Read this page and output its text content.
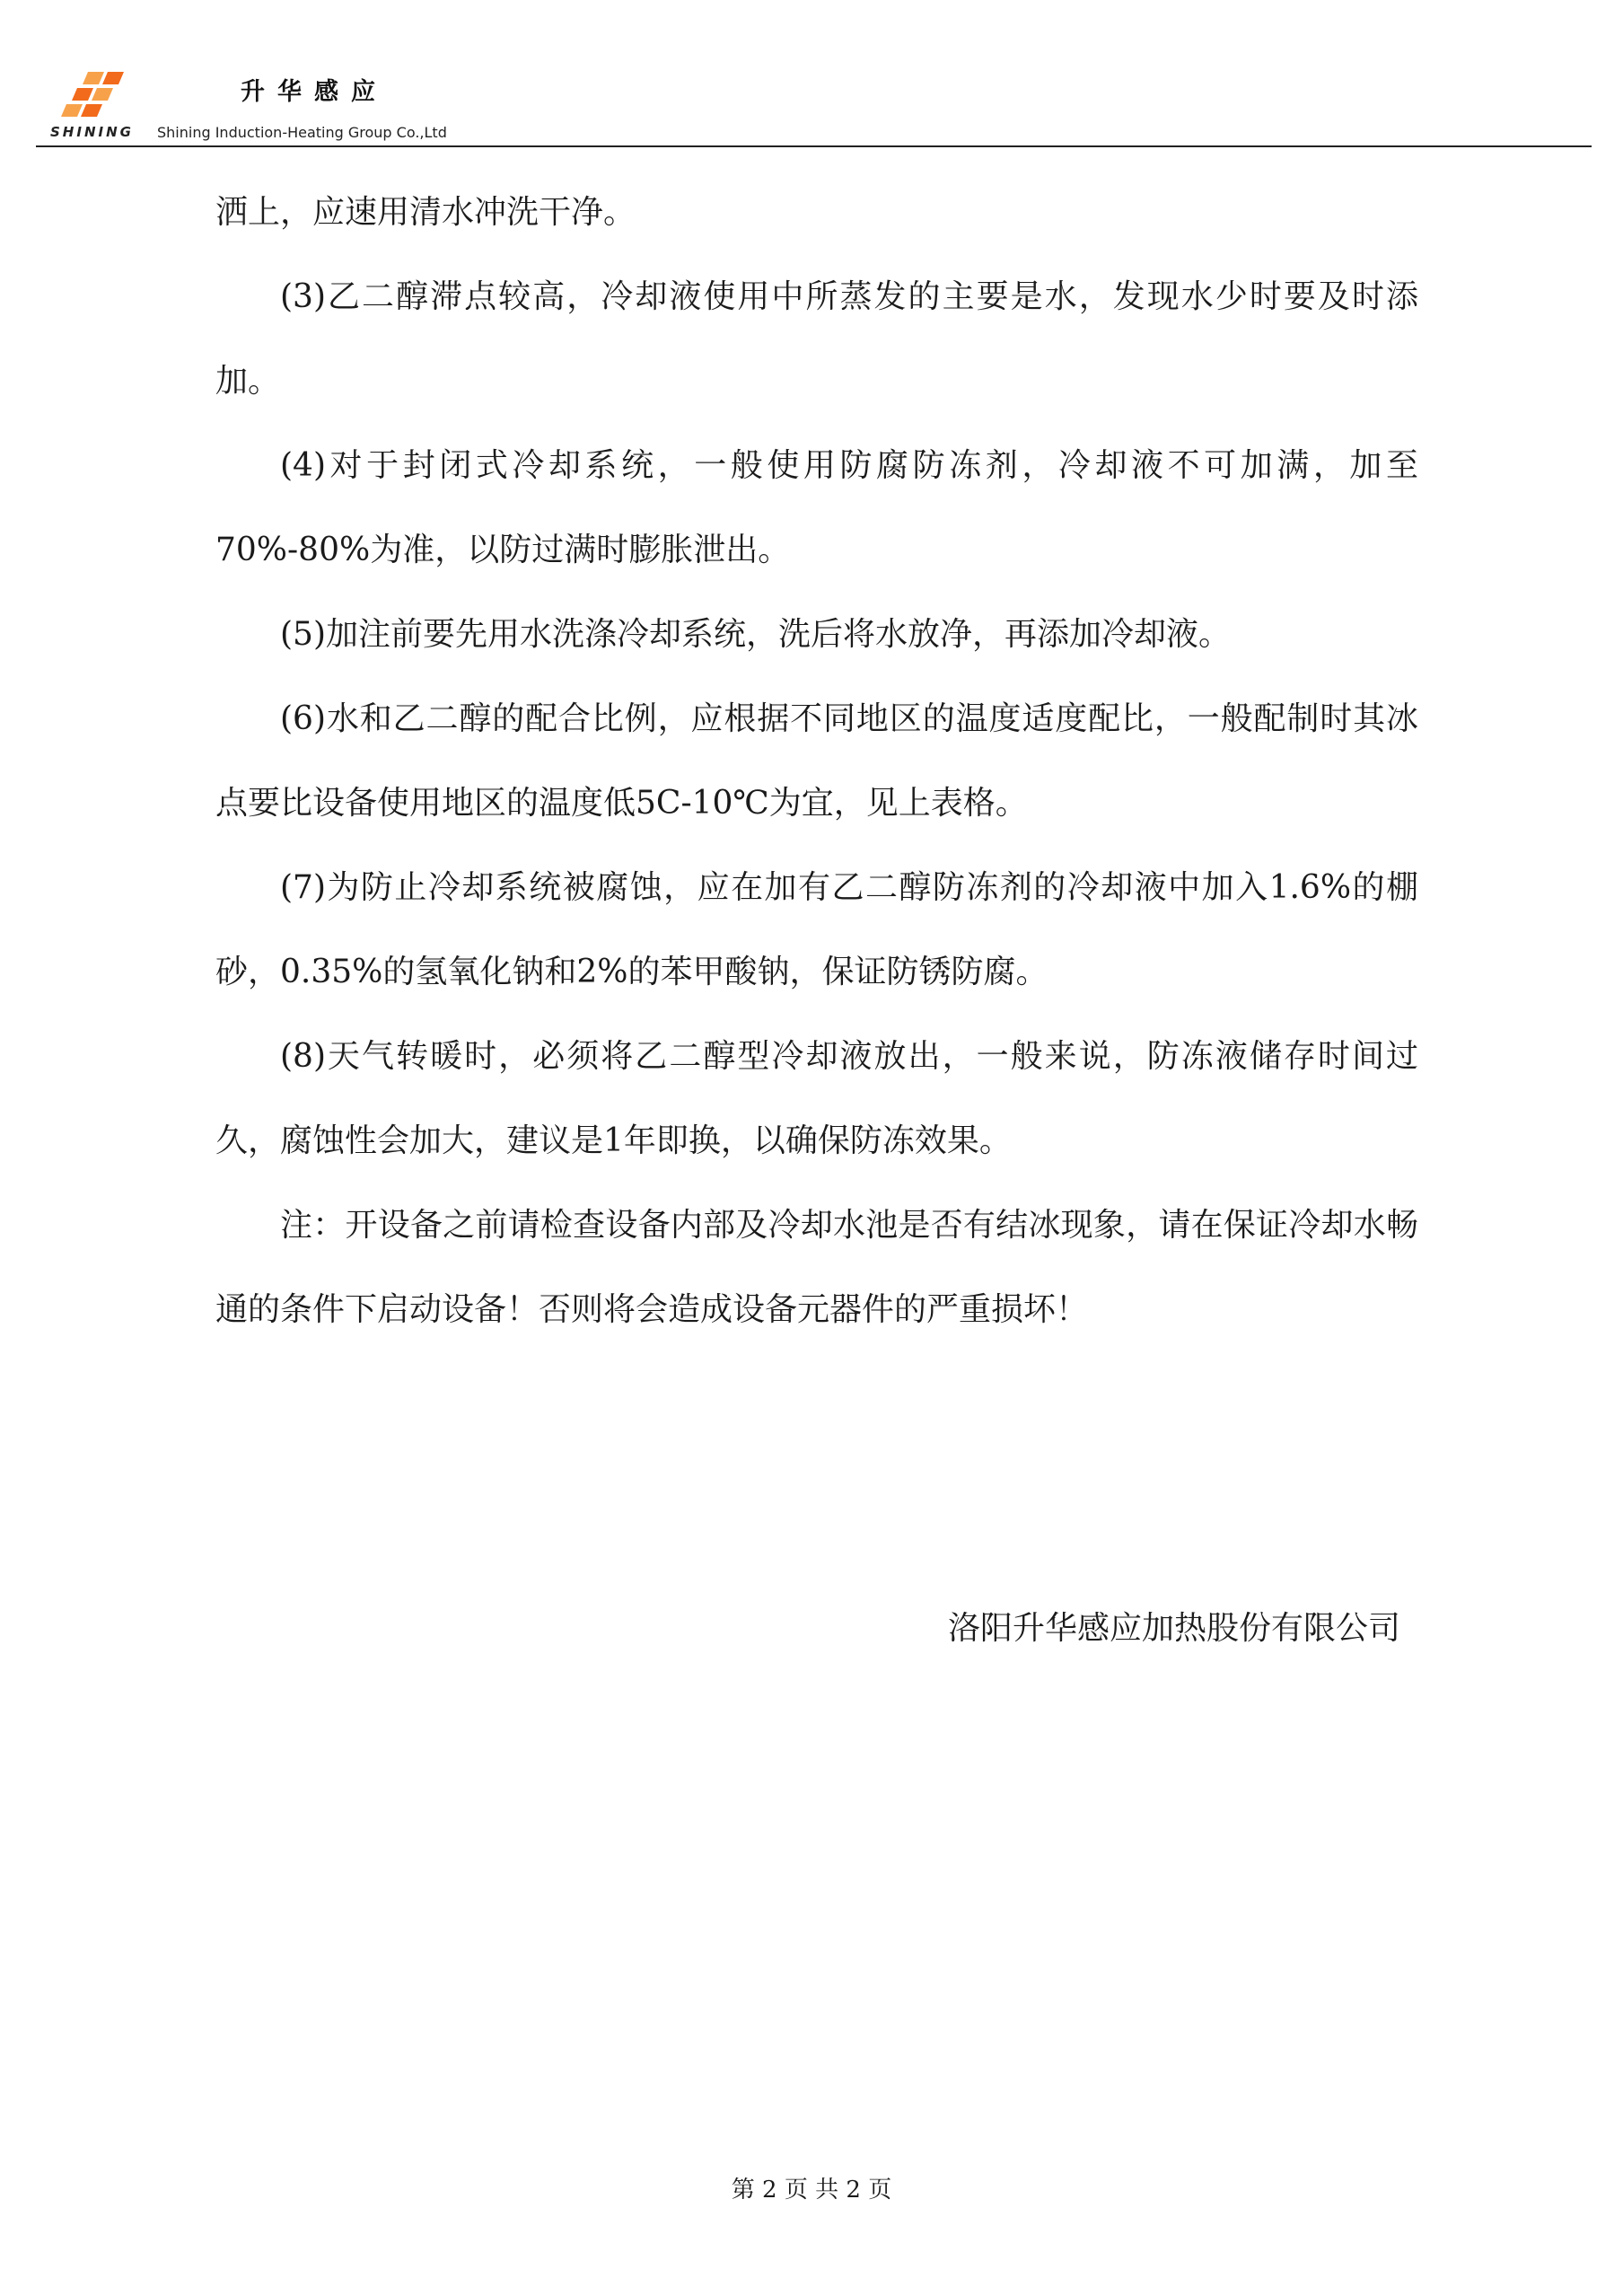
SHINING
升华感应
Shining Induction-Heating Group Co.,Ltd

洒上，应速用清水冲洗干净。

(3)乙二醇滞点较高，冷却液使用中所蒸发的主要是水，发现水少时要及时添加。

(4)对于封闭式冷却系统，一般使用防腐防冻剂，冷却液不可加满，加至70%-80%为准，以防过满时膨胀泄出。

(5)加注前要先用水洗涤冷却系统，洗后将水放净，再添加冷却液。

(6)水和乙二醇的配合比例，应根据不同地区的温度适度配比，一般配制时其冰点要比设备使用地区的温度低5C-10℃为宜，见上表格。

(7)为防止冷却系统被腐蚀，应在加有乙二醇防冻剂的冷却液中加入1.6%的棚砂，0.35%的氢氧化钠和2%的苯甲酸钠，保证防锈防腐。

(8)天气转暖时，必须将乙二醇型冷却液放出，一般来说，防冻液储存时间过久，腐蚀性会加大，建议是1年即换，以确保防冻效果。

注：开设备之前请检查设备内部及冷却水池是否有结冰现象，请在保证冷却水畅通的条件下启动设备！否则将会造成设备元器件的严重损坏！

洛阳升华感应加热股份有限公司
第 2 页 共 2 页
